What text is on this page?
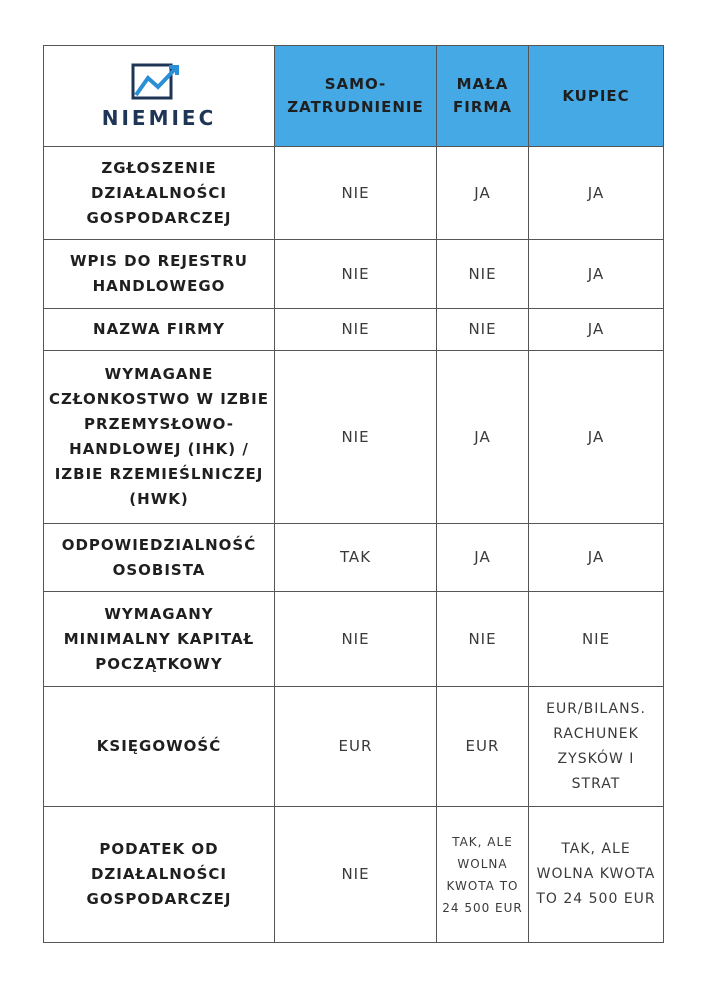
NIEMIEC	SAMO-ZATRUDNIENIE	MAŁA FIRMA	KUPIEC
ZGŁOSZENIE DZIAŁALNOŚCI GOSPODARCZEJ	NIE	JA	JA
WPIS DO REJESTRU HANDLOWEGO	NIE	NIE	JA
NAZWA FIRMY	NIE	NIE	JA
WYMAGANE CZŁONKOSTWO W IZBIE PRZEMYSŁOWO-HANDLOWEJ (IHK) / IZBIE RZEMIEŚLNICZEJ (HWK)	NIE	JA	JA
ODPOWIEDZIALNOŚĆ OSOBISTA	TAK	JA	JA
WYMAGANY MINIMALNY KAPITAŁ POCZĄTKOWY	NIE	NIE	NIE
KSIĘGOWOŚĆ	EUR	EUR	EUR/BILANS. RACHUNEK ZYSKÓW I STRAT
PODATEK OD DZIAŁALNOŚCI GOSPODARCZEJ	NIE	TAK, ALE WOLNA KWOTA TO 24 500 EUR	TAK, ALE WOLNA KWOTA TO 24 500 EUR
